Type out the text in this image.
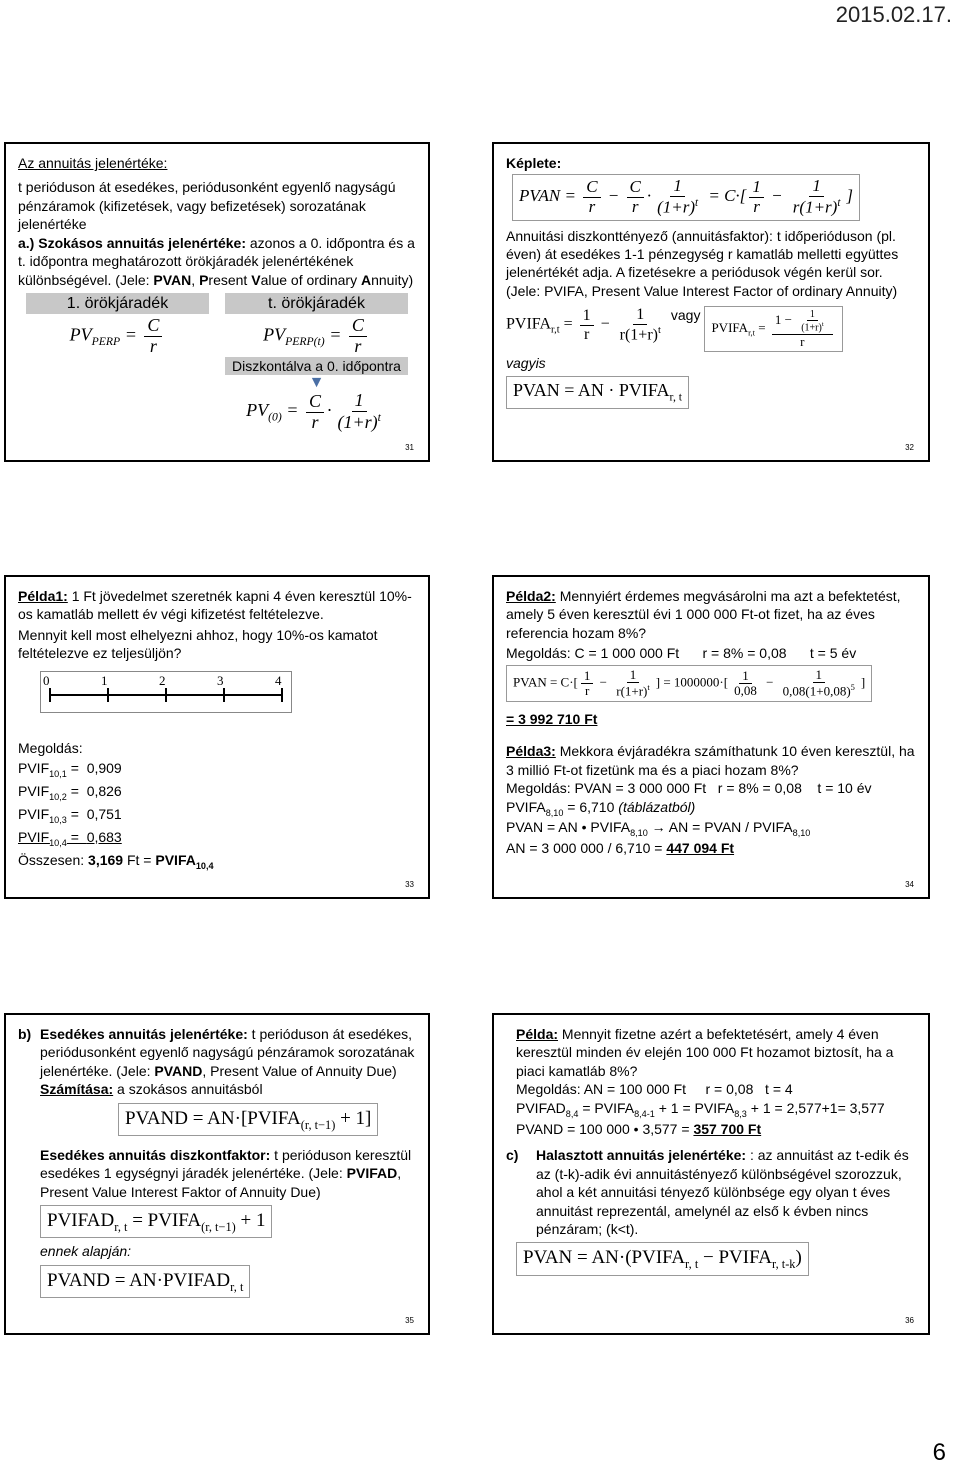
2015.02.17.
Az annuitás jelenértéke:
t perióduson át esedékes, periódusonként egyenlő nagyságú pénzáramok (kifizetések, vagy befizetések) sorozatának jelenértéke
a.) Szokásos annuitás jelenértéke: azonos a 0. időpontra és a t. időpontra meghatározott örökjáradék jelenértékének különbségével. (Jele: PVAN, Present Value of ordinary Annuity)
1. örökjáradék
$PV_{PERP} = \frac{C}{r}$
t. örökjáradék
$PV_{PERP(t)} = \frac{C}{r}$
Diszkontálva a 0. időpontra
▼
$PV_{(0)} = \frac{C}{r} \cdot \frac{1}{(1+r)^t}$
31
Képlete:
PVAN = $\frac{C}{r} - \frac{C}{r} \cdot \frac{1}{(1+r)^t} = C\cdot[ \frac{1}{r} - \frac{1}{r(1+r)^t}$ ]
Annuitási diszkonttényező (annuitásfaktor): t időperióduson (pl. éven) át esedékes 1-1 pénzegység r kamatláb melletti együttes jelenértékét adja. A fizetésekre a periódusok végén kerül sor. (Jele: PVIFA, Present Value Interest Factor of ordinary Annuity)
$PVIFA_{r,t} = \frac{1}{r} - \frac{1}{r(1+r)^t}$ vagy
$PVIFA_{r,t} = \frac{1 - \frac{1}{(1+r)^t}}{r}$
vagyis
PVAN = AN · $PVIFA_{r, t}$
32
Példa1: 1 Ft jövedelmet szeretnék kapni 4 éven keresztül 10%-os kamatláb mellett év végi kifizetést feltételezve.
Mennyit kell most elhelyezni ahhoz, hogy 10%-os kamatot feltételezve ez teljesüljön?
0	1	2	3	4
Megoldás:
$PVIF_{10,1} = 0,909$
$PVIF_{10,2} = 0,826$
$PVIF_{10,3} = 0,751$
$PVIF_{10,4} = 0,683$
Összesen: 3,169 $Ft = PVIFA_{10,4}$
33
Példa2: Mennyiért érdemes megvásárolni ma azt a befektetést, amely 5 éven keresztül évi 1 000 000 Ft-ot fizet, ha az éves referencia hozam 8%?
Megoldás: C = 1 000 000 Ft      r = 8% = 0,08      t = 5 év
PVAN = $C\cdot[ \frac{1}{r} - \frac{1}{r(1+r)^t}$ ] = $1000000\cdot[ \frac{1}{0,08} - \frac{1}{0,08(1+0,08)^5}$ ]
= 3 992 710 Ft
Példa3: Mekkora évjáradékra számíthatunk 10 éven keresztül, ha 3 millió Ft-ot fizetünk ma és a piaci hozam 8%?
Megoldás: PVAN = 3 000 000 Ft   r = 8% = 0,08    t = 10 év
$PVIFA_{8,10} = 6,710$ (táblázatból)
PVAN = AN • $PVIFA_{8,10}$ → AN = PVAN / $PVIFA_{8,10}$
AN = 3 000 000 / 6,710 = 447 094 Ft
34
b) Esedékes annuitás jelenértéke: t perióduson át esedékes, periódusonként egyenlő nagyságú pénzáramok sorozatának jelenértéke. (Jele: PVAND, Present Value of Annuity Due)
Számítása: a szokásos annuitásból
PVAND = $AN\cdot[PVIFA_{(r, t-1)} + 1]$
Esedékes annuitás diszkontfaktor: t perióduson keresztül esedékes 1 egységnyi járadék jelenértéke. (Jele: PVIFAD, Present Value Interest Faktor of Annuity Due)
$PVIFAD_{r, t}$ = $PVIFA_{(r, t-1)} + 1$
ennek alapján:
PVAND = $AN\cdot PVIFAD_{r, t}$
35
Példa: Mennyit fizetne azért a befektetésért, amely 4 éven keresztül minden év elején 100 000 Ft hozamot biztosít, ha a piaci kamatláb 8%?
Megoldás: AN = 100 000 Ft     r = 0,08   t = 4
$PVIFAD_{8,4}$ = $PVIFA_{8,4-1} + 1$ = $PVIFA_{8,3} + 1 = 2,577+1= 3,577$
PVAND = 100 000 • 3,577 = 357 700 Ft
c)	Halasztott annuitás jelenértéke: : az annuitást az t-edik és az (t-k)-adik évi annuitástényező különbségével szorozzuk, ahol a két annuitási tényező különbsége egy olyan t éves annuitást reprezentál, amelynél az első k évben nincs pénzáram; (k<t).
PVAN = $AN\cdot(PVIFA_{r, t}$ − $PVIFA_{r, t-k}$)
36
6
